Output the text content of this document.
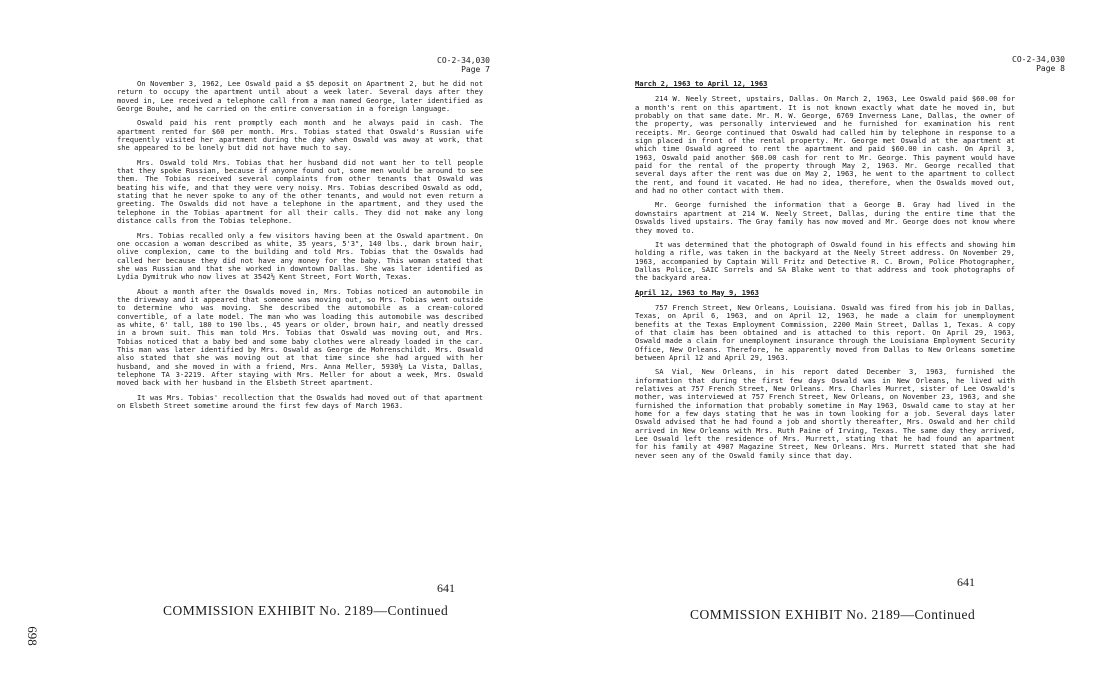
CO-2-34,030
Page 7

On November 3, 1962, Lee Oswald paid a $5 deposit on Apartment 2, but he did not return to occupy the apartment until about a week later. Several days after they moved in, Lee received a telephone call from a man named George, later identified as George Bouhe, and he carried on the entire conversation in a foreign language.

Oswald paid his rent promptly each month and he always paid in cash. The apartment rented for $60 per month. Mrs. Tobias stated that Oswald's Russian wife frequently visited her apartment during the day when Oswald was away at work, that she appeared to be lonely but did not have much to say.

Mrs. Oswald told Mrs. Tobias that her husband did not want her to tell people that they spoke Russian, because if anyone found out, some men would be around to see them. The Tobias received several complaints from other tenants that Oswald was beating his wife, and that they were very noisy. Mrs. Tobias described Oswald as odd, stating that he never spoke to any of the other tenants, and would not even return a greeting. The Oswalds did not have a telephone in the apartment, and they used the telephone in the Tobias apartment for all their calls. They did not make any long distance calls from the Tobias telephone.

Mrs. Tobias recalled only a few visitors having been at the Oswald apartment. On one occasion a woman described as white, 35 years, 5'3", 140 lbs., dark brown hair, olive complexion, came to the building and told Mrs. Tobias that the Oswalds had called her because they did not have any money for the baby. This woman stated that she was Russian and that she worked in downtown Dallas. She was later identified as Lydia Dymitruk who now lives at 3542½ Kent Street, Fort Worth, Texas.

About a month after the Oswalds moved in, Mrs. Tobias noticed an automobile in the driveway and it appeared that someone was moving out, so Mrs. Tobias went outside to determine who was moving. She described the automobile as a cream-colored convertible, of a late model. The man who was loading this automobile was described as white, 6' tall, 180 to 190 lbs., 45 years or older, brown hair, and neatly dressed in a brown suit. This man told Mrs. Tobias that Oswald was moving out, and Mrs. Tobias noticed that a baby bed and some baby clothes were already loaded in the car. This man was later identified by Mrs. Oswald as George de Mohrenschildt. Mrs. Oswald also stated that she was moving out at that time since she had argued with her husband, and she moved in with a friend, Mrs. Anna Meller, 5930½ La Vista, Dallas, telephone TA 3-2219. After staying with Mrs. Meller for about a week, Mrs. Oswald moved back with her husband in the Elsbeth Street apartment.

It was Mrs. Tobias' recollection that the Oswalds had moved out of that apartment on Elsbeth Street sometime around the first few days of March 1963.

641
COMMISSION EXHIBIT No. 2189—Continued
698
CO-2-34,030
Page 8

March 2, 1963 to April 12, 1963

214 W. Neely Street, upstairs, Dallas. On March 2, 1963, Lee Oswald paid $60.00 for a month's rent on this apartment. It is not known exactly what date he moved in, but probably on that same date. Mr. M. W. George, 6769 Inverness Lane, Dallas, the owner of the property, was personally interviewed and he furnished for examination his rent receipts. Mr. George continued that Oswald had called him by telephone in response to a sign placed in front of the rental property. Mr. George met Oswald at the apartment at which time Oswald agreed to rent the apartment and paid $60.00 in cash. On April 3, 1963, Oswald paid another $60.00 cash for rent to Mr. George. This payment would have paid for the rental of the property through May 2, 1963. Mr. George recalled that several days after the rent was due on May 2, 1963, he went to the apartment to collect the rent, and found it vacated. He had no idea, therefore, when the Oswalds moved out, and had no other contact with them.

Mr. George furnished the information that a George B. Gray had lived in the downstairs apartment at 214 W. Neely Street, Dallas, during the entire time that the Oswalds lived upstairs. The Gray family has now moved and Mr. George does not know where they moved to.

It was determined that the photograph of Oswald found in his effects and showing him holding a rifle, was taken in the backyard at the Neely Street address. On November 29, 1963, accompanied by Captain Will Fritz and Detective R. C. Brown, Police Photographer, Dallas Police, SAIC Sorrels and SA Blake went to that address and took photographs of the backyard area.

April 12, 1963 to May 9, 1963

757 French Street, New Orleans, Louisiana. Oswald was fired from his job in Dallas, Texas, on April 6, 1963, and on April 12, 1963, he made a claim for unemployment benefits at the Texas Employment Commission, 2200 Main Street, Dallas 1, Texas. A copy of that claim has been obtained and is attached to this report. On April 29, 1963, Oswald made a claim for unemployment insurance through the Louisiana Employment Security Office, New Orleans. Therefore, he apparently moved from Dallas to New Orleans sometime between April 12 and April 29, 1963.

SA Vial, New Orleans, in his report dated December 3, 1963, furnished the information that during the first few days Oswald was in New Orleans, he lived with relatives at 757 French Street, New Orleans. Mrs. Charles Murret, sister of Lee Oswald's mother, was interviewed at 757 French Street, New Orleans, on November 23, 1963, and she furnished the information that probably sometime in May 1963, Oswald came to stay at her home for a few days stating that he was in town looking for a job. Several days later Oswald advised that he had found a job and shortly thereafter, Mrs. Oswald and her child arrived in New Orleans with Mrs. Ruth Paine of Irving, Texas. The same day they arrived, Lee Oswald left the residence of Mrs. Murrett, stating that he had found an apartment for his family at 4907 Magazine Street, New Orleans. Mrs. Murrett stated that she had never seen any of the Oswald family since that day.

641
COMMISSION EXHIBIT No. 2189—Continued
